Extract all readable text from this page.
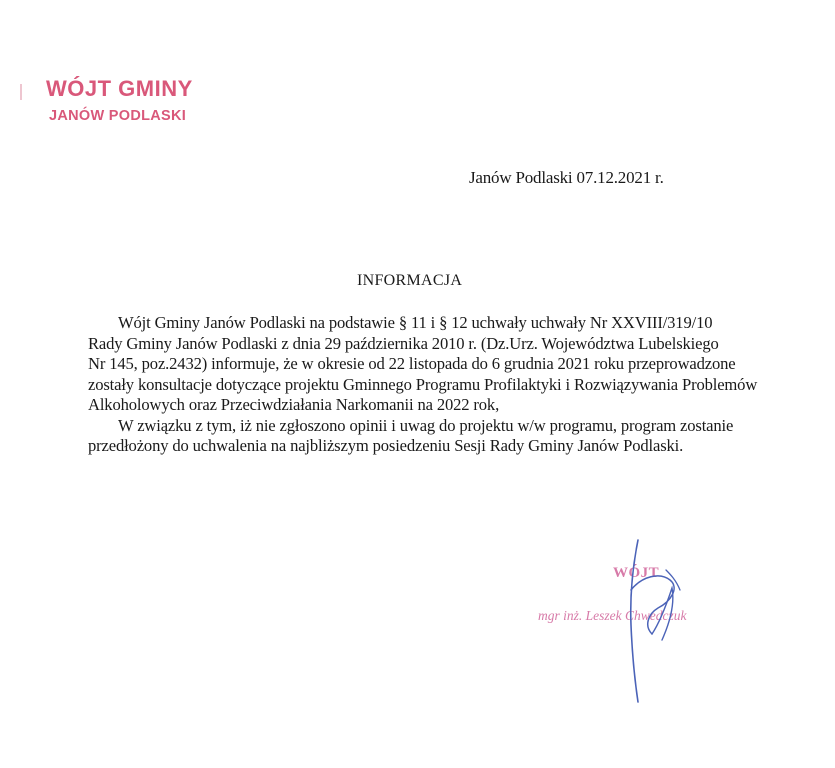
WÓJT GMINY
JANÓW PODLASKI
Janów Podlaski 07.12.2021 r.
INFORMACJA
Wójt Gminy Janów Podlaski na podstawie § 11 i § 12 uchwały uchwały Nr XXVIII/319/10
Rady Gminy Janów Podlaski z dnia 29 października 2010 r. (Dz.Urz. Województwa Lubelskiego
Nr 145, poz.2432) informuje, że w okresie od 22 listopada do 6 grudnia 2021 roku przeprowadzone
zostały konsultacje dotyczące projektu Gminnego Programu Profilaktyki i Rozwiązywania Problemów
Alkoholowych oraz Przeciwdziałania Narkomanii na 2022 rok,
W związku z tym, iż nie zgłoszono opinii i uwag do projektu w/w programu, program zostanie
przedłożony do uchwalenia na najbliższym posiedzeniu Sesji Rady Gminy Janów Podlaski.
WÓJT
mgr inż. Leszek Chwedczuk
